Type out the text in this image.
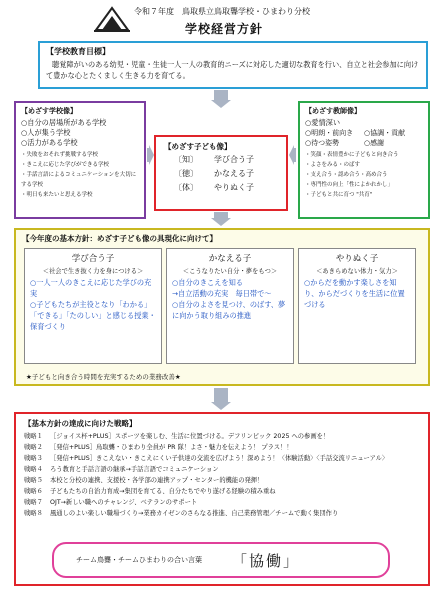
令和７年度　鳥取県立鳥取聾学校・ひまわり分校
学校経営方針
【学校教育目標】
聴覚障がいのある幼児・児童・生徒一人一人の教育的ニーズに対応した適切な教育を行い、自立と社会参加に向けて豊かな心とたくましく生きる力を育てる。
【めざす学校像】
○自分の居場所がある学校
○人が集う学校
○活力がある学校
・失敗をおそれず挑戦する学校
・きこえに応じた学びができる学校
・手話言語によるコミュニケーションを大切にする学校
・明日も来たいと思える学校
【めざす子ども像】
〔知〕	学び合う子
〔徳〕	かなえる子
〔体〕	やりぬく子
【めざす教師像】
○愛情深い
○明朗・前向き	○協調・貢献
○待つ姿勢	○感謝
・笑顔・表情豊かに子どもと向き合う
・よさをみる・のばす
・支え合う・認め合う・高め合う
・専門性の向上「性によかれかし」
・子どもと共に育つ "共育"
【今年度の基本方針：めざす子ども像の具現化に向けて】
学び合う子
＜社会で生き抜く力を身につける＞
○一人一人のきこえに応じた学びの充実
○子どもたちが主役となり「わかる」「できる」「たのしい」と感じる授業・保育づくり
かなえる子
＜こうなりたい自分・夢をもつ＞
○自分のきこえを知る
→自立活動の充実　毎日帯で～
○自分のよさを見つけ、のばす、夢に向かう取り組みの推進
やりぬく子
＜あきらめない体力・気力＞
○からだを動かす楽しさを知り、からだづくりを生活に位置づける
★子どもと向き合う時間を充実するための業務改善★
【基本方針の達成に向けた戦略】
戦略１	［ジョイス杯+PLUS］スポーツを楽しむ、生活に位置づける。デフリンピック 2025 への参画を！
戦略２	［発信+PLUS］鳥取聾・ひまわり全員が PR 隊！よさ・魅力を伝えよう！ プラス！！
戦略３	［発信+PLUS］きこえない・きこえにくい子供達の交流を広げよう！深めよう！〈体験活動〉〈手話交流リニューアル〉
戦略４	ろう教育と手話言語の継承→手話言語でコミュニケーション
戦略５	本校と分校の連携、支援校・各学部の連携アップ・センター的機能の発揮！
戦略６	子どもたちの自治力育成→集団を育てる、自分たちでやり遂げる経験の積み重ね
戦略７	OJT→新しい職へのチャレンジ、ベテランのサポート
戦略８	風通しのよい楽しい職場づくり→業務カイゼンのさらなる推進、自己業務管理／チームで動く集団作り
チーム鳥聾・チームひまわりの合い言葉 「協働」
